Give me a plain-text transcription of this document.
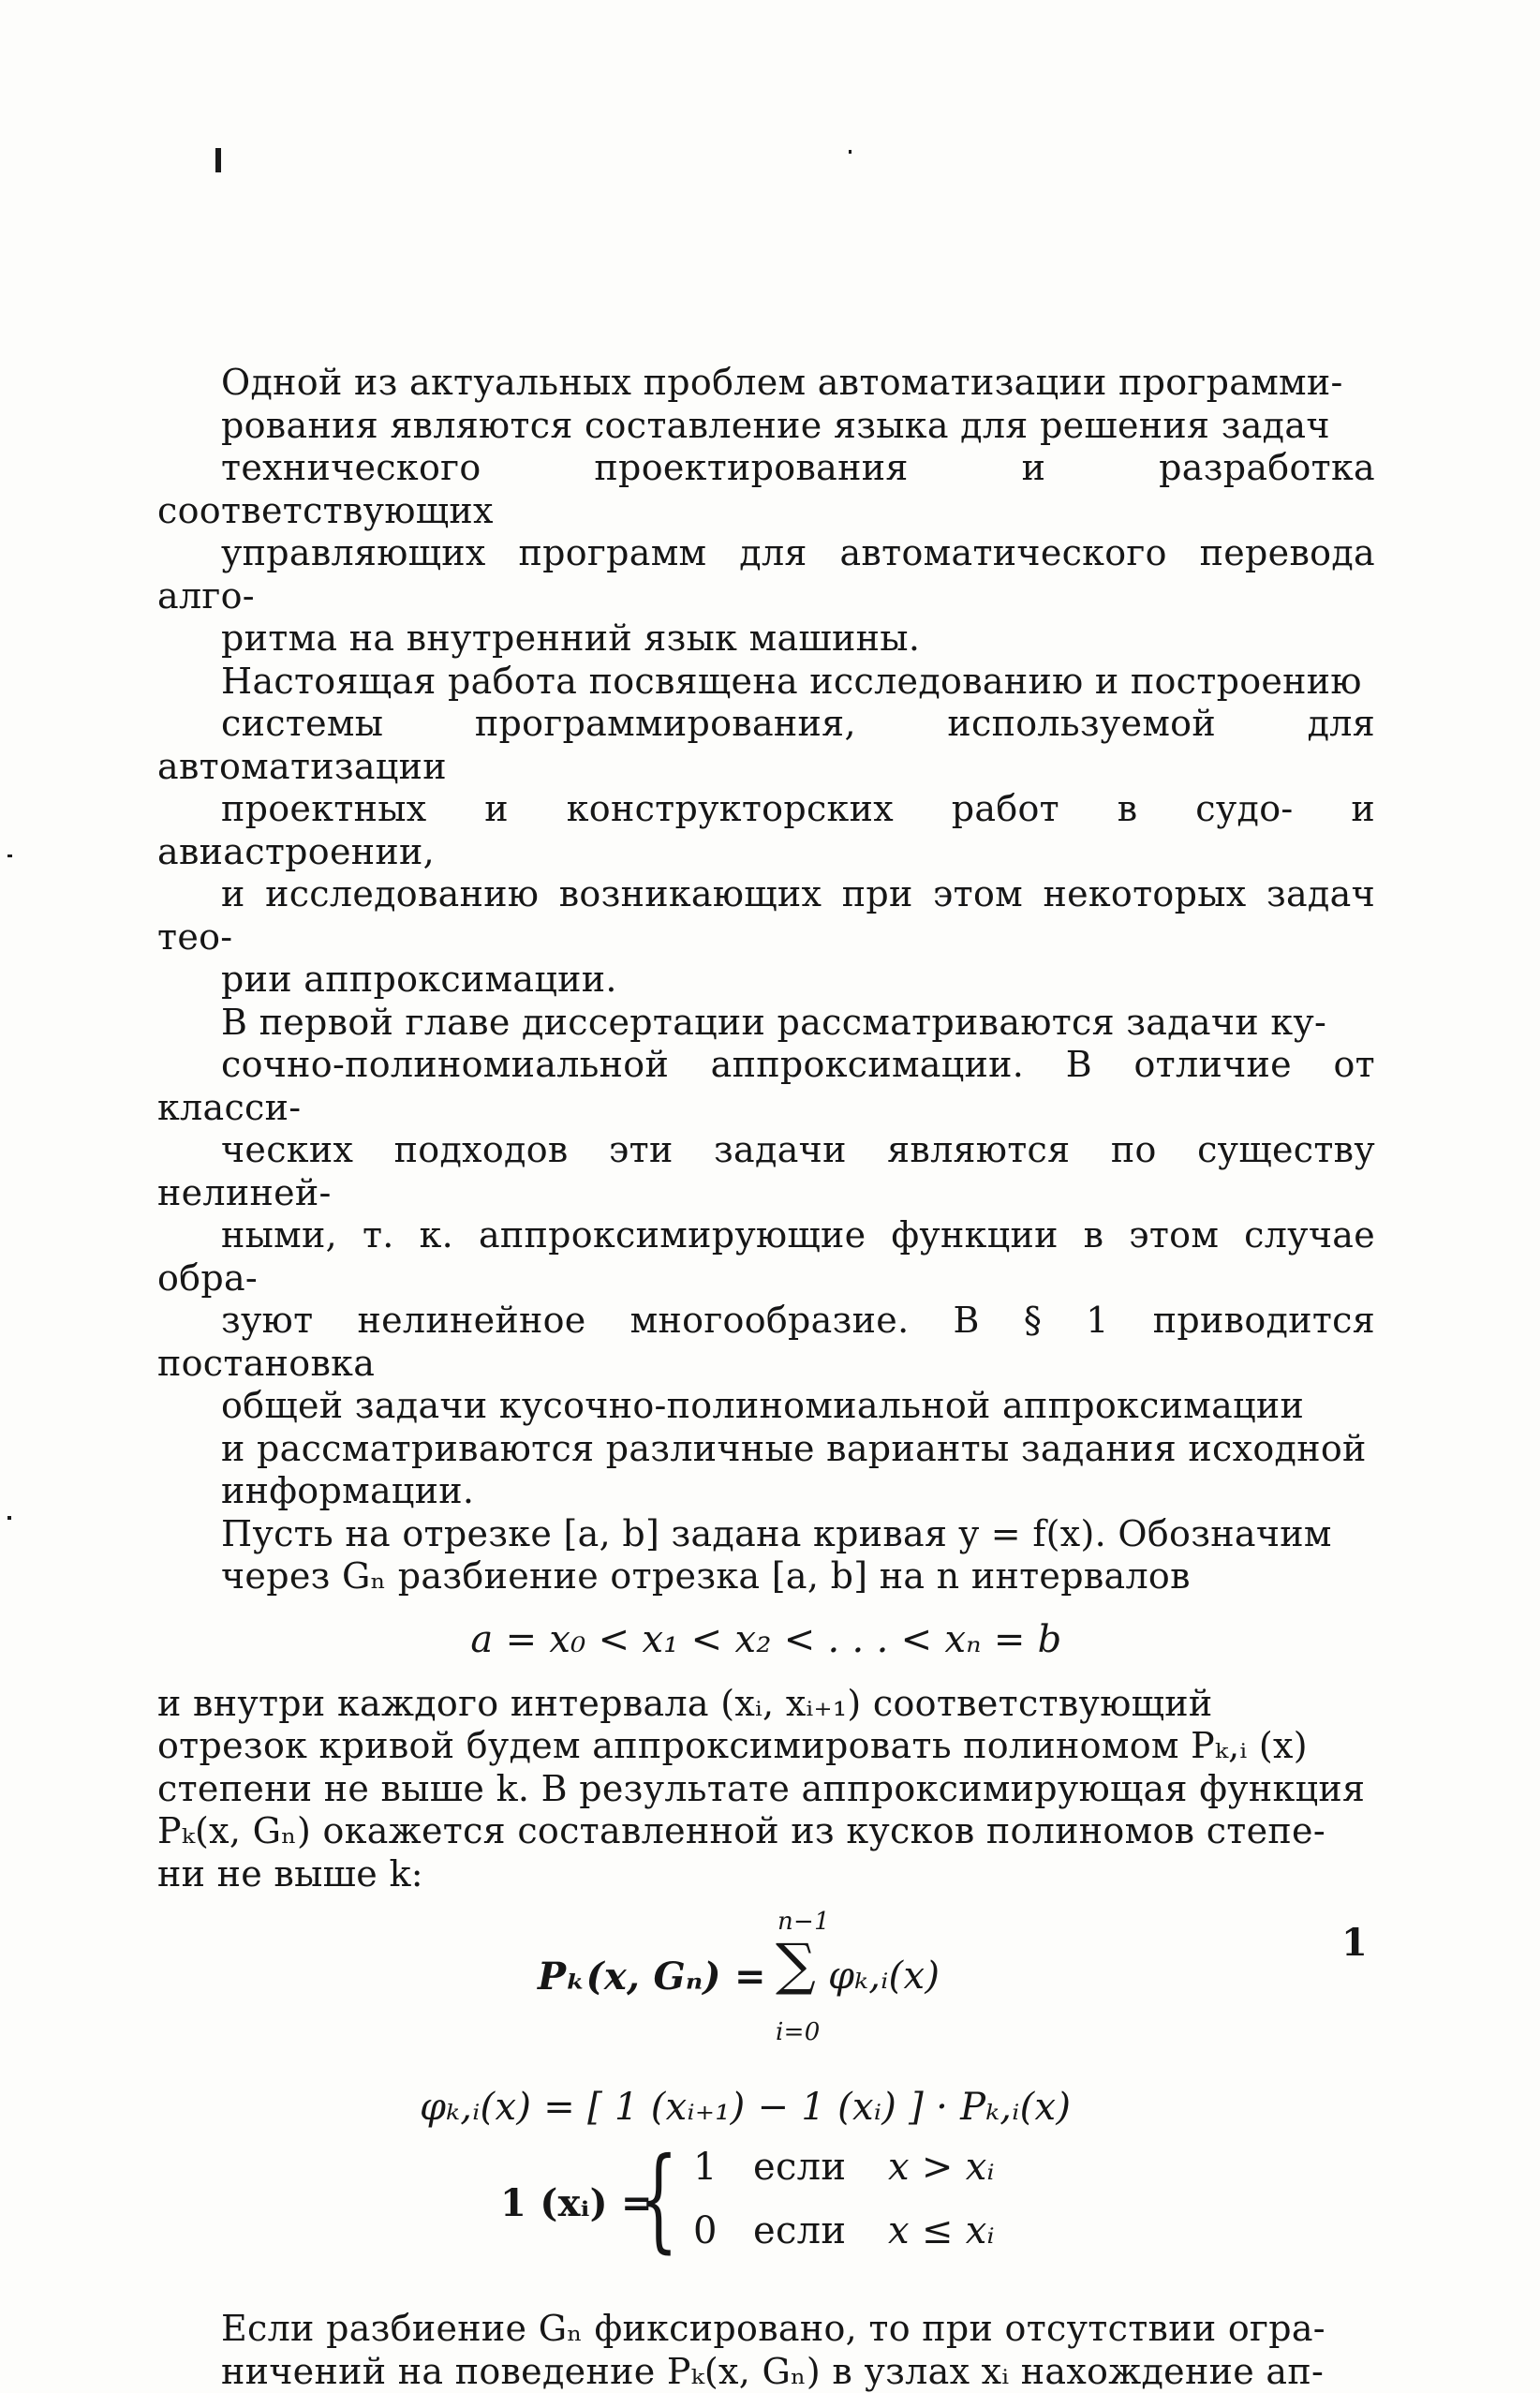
Одной из актуальных проблем автоматизации программи-
рования являются составление языка для решения задач
технического проектирования и разработка соответствующих
управляющих программ для автоматического перевода алго-
ритма на внутренний язык машины.

Настоящая работа посвящена исследованию и построению
системы программирования, используемой для автоматизации
проектных и конструкторских работ в судо- и авиастроении,
и исследованию возникающих при этом некоторых задач тео-
рии аппроксимации.

В первой главе диссертации рассматриваются задачи ку-
сочно-полиномиальной аппроксимации. В отличие от класси-
ческих подходов эти задачи являются по существу нелиней-
ными, т. к. аппроксимирующие функции в этом случае обра-
зуют нелинейное многообразие. В § 1 приводится постановка
общей задачи кусочно-полиномиальной аппроксимации
и рассматриваются различные варианты задания исходной
информации.

Пусть на отрезке [a, b] задана кривая y = f(x). Обозначим
через Gₙ разбиение отрезка [a, b] на n интервалов

a = x₀ < x₁ < x₂ < . . . < xₙ = b

и внутри каждого интервала (xᵢ, xᵢ₊₁) соответствующий
отрезок кривой будем аппроксимировать полиномом Pₖ,ᵢ (x)
степени не выше k. В результате аппроксимирующая функция
Pₖ(x, Gₙ) окажется составленной из кусков полиномов степе-
ни не выше k:

Pₖ(x, Gₙ) =
n−1
∑
i=0
φₖ,ᵢ(x)
φₖ,ᵢ(x) = [ 1 (xᵢ₊₁) − 1 (xᵢ) ] · Pₖ,ᵢ(x)
1 (xᵢ) =
{ 1 если x > xᵢ
0 если x ≤ xᵢ

Если разбиение Gₙ фиксировано, то при отсутствии огра-
ничений на поведение Pₖ(x, Gₙ) в узлах xᵢ нахождение ап-

1
